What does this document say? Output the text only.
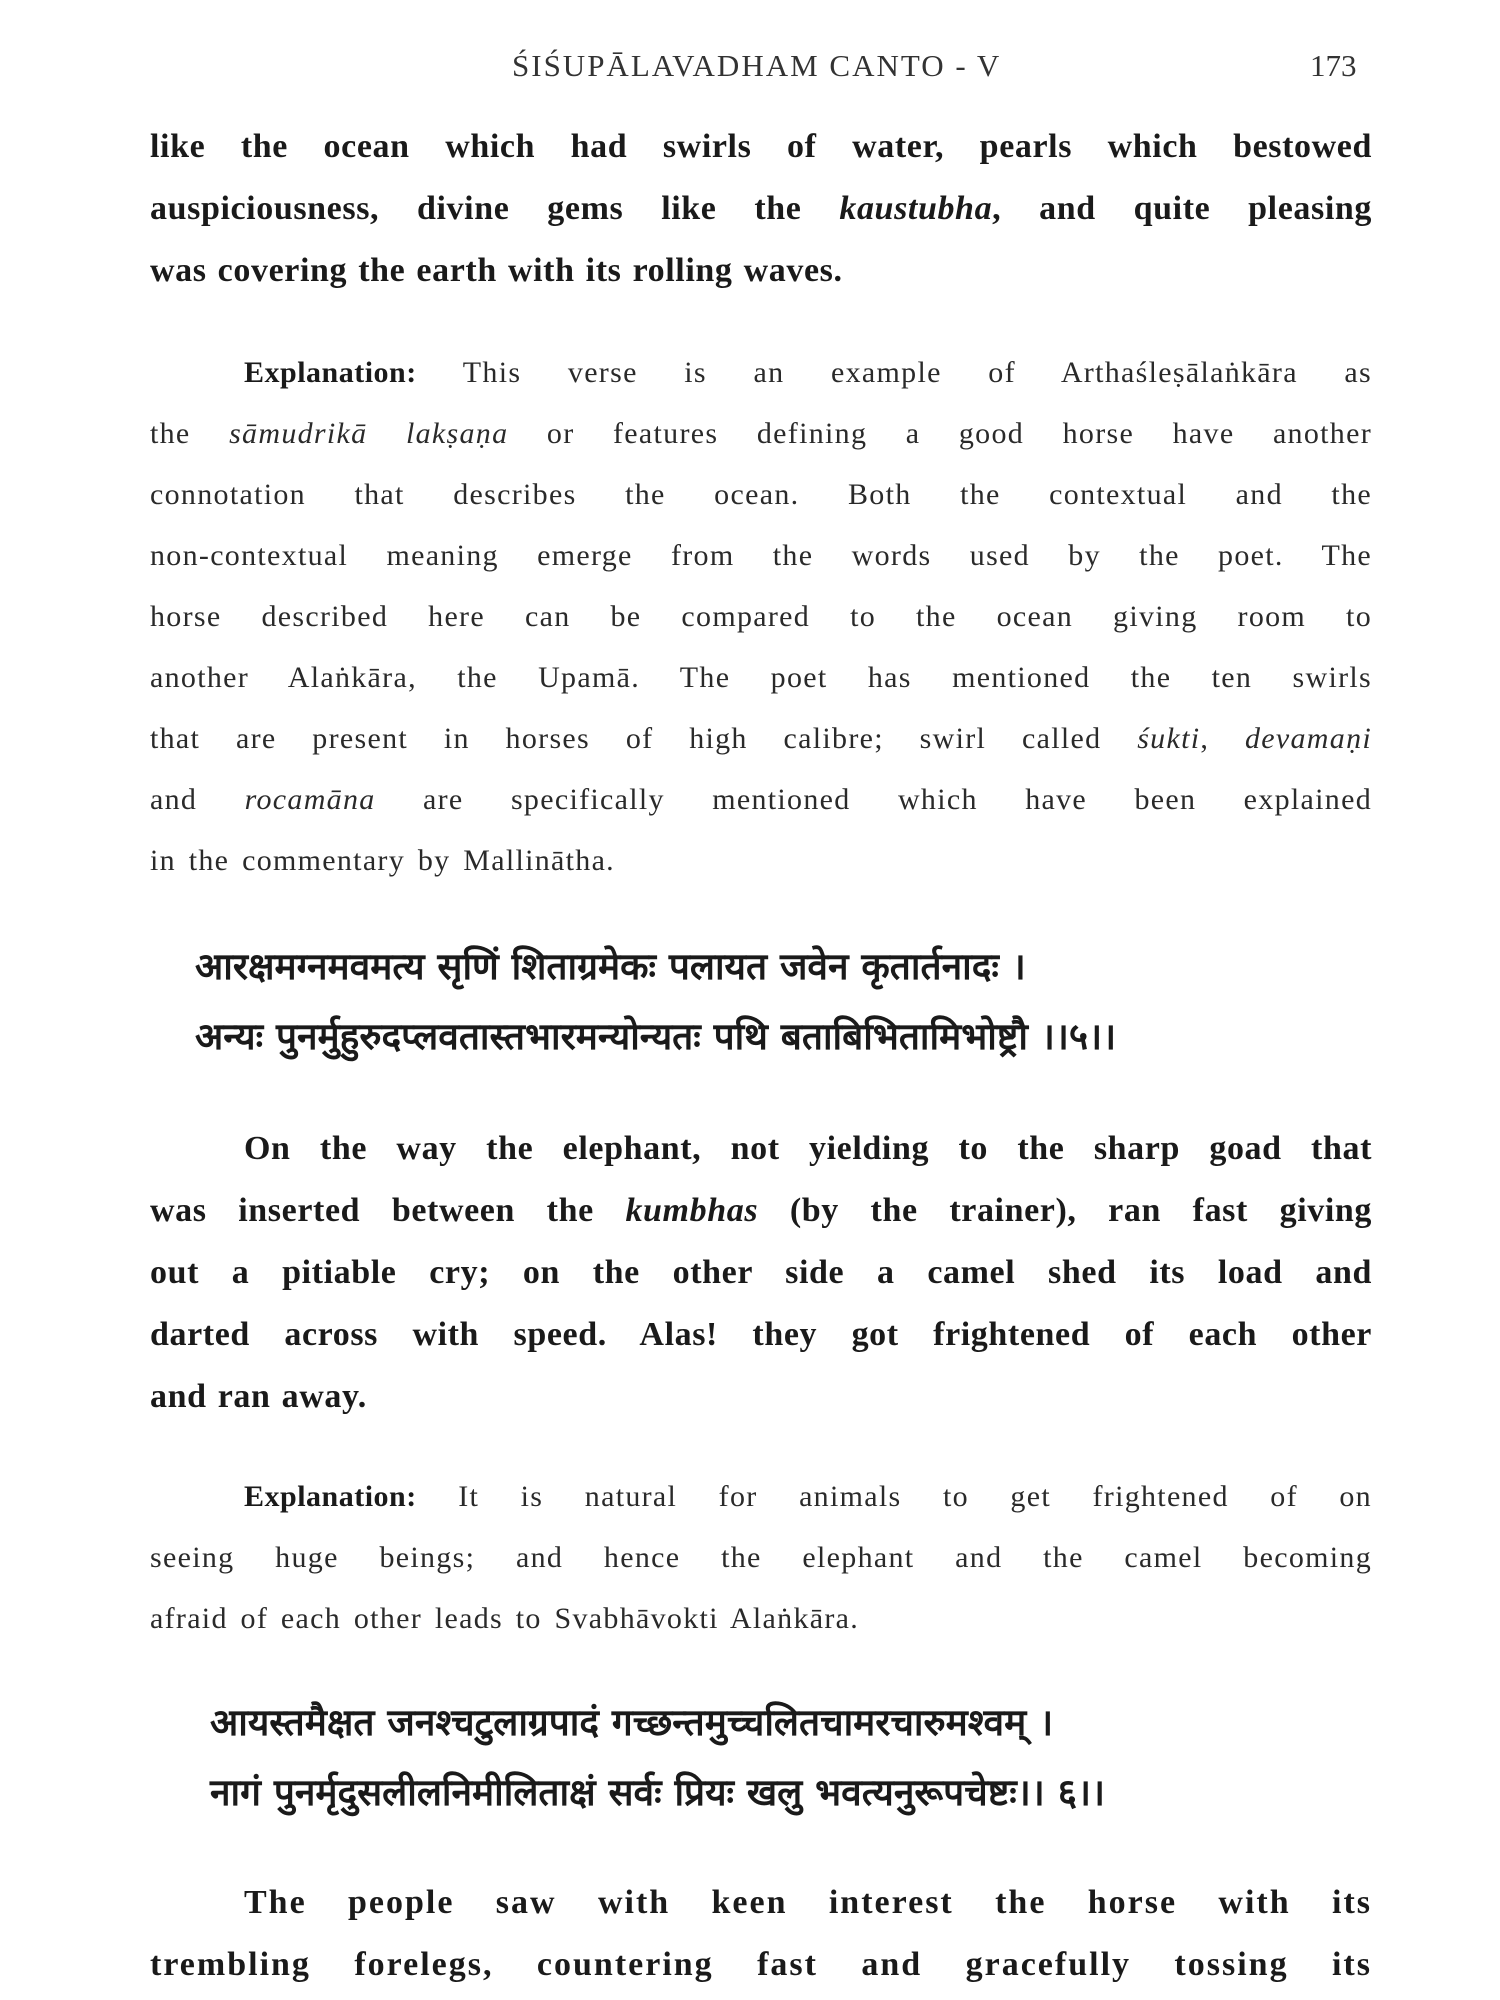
ŚIŚUPĀLAVADHAM CANTO - V	173
like the ocean which had swirls of water, pearls which bestowed
auspiciousness, divine gems like the kaustubha, and quite pleasing
was covering the earth with its rolling waves.
Explanation: This verse is an example of Arthaśleṣālaṅkāra as
the sāmudrikā lakṣaṇa or features defining a good horse have another
connotation that describes the ocean. Both the contextual and the
non-contextual meaning emerge from the words used by the poet. The
horse described here can be compared to the ocean giving room to
another Alaṅkāra, the Upamā. The poet has mentioned the ten swirls
that are present in horses of high calibre; swirl called śukti, devamaṇi
and rocamāna are specifically mentioned which have been explained
in the commentary by Mallinātha.
आरक्षमग्नमवमत्य सृणिं शिताग्रमेकः पलायत जवेन कृतार्तनादः ।
अन्यः पुनर्मुहुरुदप्लवतास्तभारमन्योन्यतः पथि बताबिभितामिभोष्ट्रौ ।।५।।
On the way the elephant, not yielding to the sharp goad that
was inserted between the kumbhas (by the trainer), ran fast giving
out a pitiable cry; on the other side a camel shed its load and
darted across with speed. Alas! they got frightened of each other
and ran away.
Explanation: It is natural for animals to get frightened of on
seeing huge beings; and hence the elephant and the camel becoming
afraid of each other leads to Svabhāvokti Alaṅkāra.
आयस्तमैक्षत जनश्चटुलाग्रपादं गच्छन्तमुच्चलितचामरचारुमश्वम् ।
नागं पुनर्मृदुसलीलनिमीलिताक्षं सर्वः प्रियः खलु भवत्यनुरूपचेष्टः।। ६।।
The people saw with keen interest the horse with its
trembling forelegs, countering fast and gracefully tossing its
